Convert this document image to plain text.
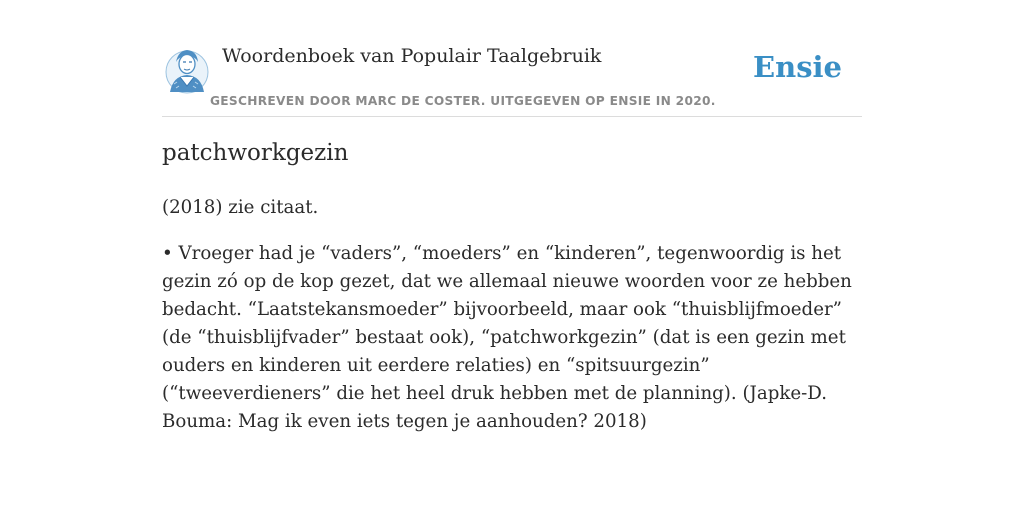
Woordenboek van Populair Taalgebruik
GESCHREVEN DOOR MARC DE COSTER. UITGEGEVEN OP ENSIE IN 2020.
Ensie
patchworkgezin

(2018) zie citaat.

• Vroeger had je “vaders”, “moeders” en “kinderen”, tegenwoordig is het gezin zó op de kop gezet, dat we allemaal nieuwe woorden voor ze hebben bedacht. “Laatstekansmoeder” bijvoorbeeld, maar ook “thuisblijfmoeder” (de “thuisblijfvader” bestaat ook), “patchworkgezin” (dat is een gezin met ouders en kinderen uit eerdere relaties) en “spitsuurgezin” (“tweeverdieners” die het heel druk hebben met de planning). (Japke-D. Bouma: Mag ik even iets tegen je aanhouden? 2018)
